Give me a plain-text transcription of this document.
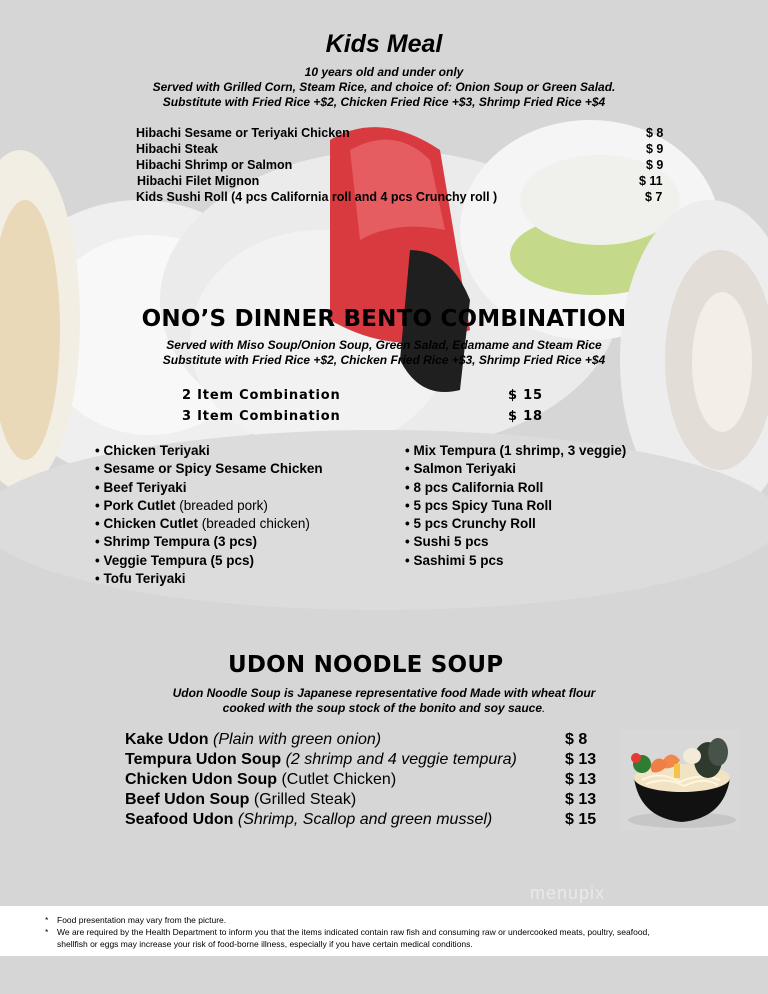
Kids Meal
10 years old and under only
Served with Grilled Corn, Steam Rice, and choice of: Onion Soup or Green Salad.
Substitute with Fried Rice +$2, Chicken Fried Rice +$3, Shrimp Fried Rice +$4
Hibachi Sesame or Teriyaki Chicken	$ 8
Hibachi Steak	$ 9
Hibachi Shrimp or Salmon	$ 9
Hibachi Filet Mignon	$ 11
Kids Sushi Roll (4 pcs California roll and 4 pcs Crunchy roll )	$ 7
ONO’S DINNER BENTO COMBINATION
Served with Miso Soup/Onion Soup, Green Salad, Edamame and Steam Rice
Substitute with Fried Rice +$2, Chicken Fried Rice +$3, Shrimp Fried Rice +$4
2 Item Combination	$ 15
3 Item Combination	$ 18
• Chicken Teriyaki
• Sesame or Spicy Sesame Chicken
• Beef Teriyaki
• Pork Cutlet (breaded pork)
• Chicken Cutlet (breaded chicken)
• Shrimp Tempura (3 pcs)
• Veggie Tempura (5 pcs)
• Tofu Teriyaki
• Mix Tempura (1 shrimp, 3 veggie)
• Salmon Teriyaki
• 8 pcs California Roll
• 5 pcs Spicy Tuna Roll
• 5 pcs Crunchy Roll
• Sushi 5 pcs
• Sashimi 5 pcs
UDON NOODLE SOUP
Udon Noodle Soup is Japanese representative food Made with wheat flour
cooked with the soup stock of the bonito and soy sauce.
Kake Udon (Plain with green onion)	$ 8
Tempura Udon Soup (2 shrimp and 4 veggie tempura)	$ 13
Chicken Udon Soup (Cutlet Chicken)	$ 13
Beef Udon Soup (Grilled Steak)	$ 13
Seafood Udon (Shrimp, Scallop and green mussel)	$ 15
menupix
* Food presentation may vary from the picture.
* We are required by the Health Department to inform you that the items indicated contain raw fish and consuming raw or undercooked meats, poultry, seafood,
shellfish or eggs may increase your risk of food-borne illness, especially if you have certain medical conditions.
